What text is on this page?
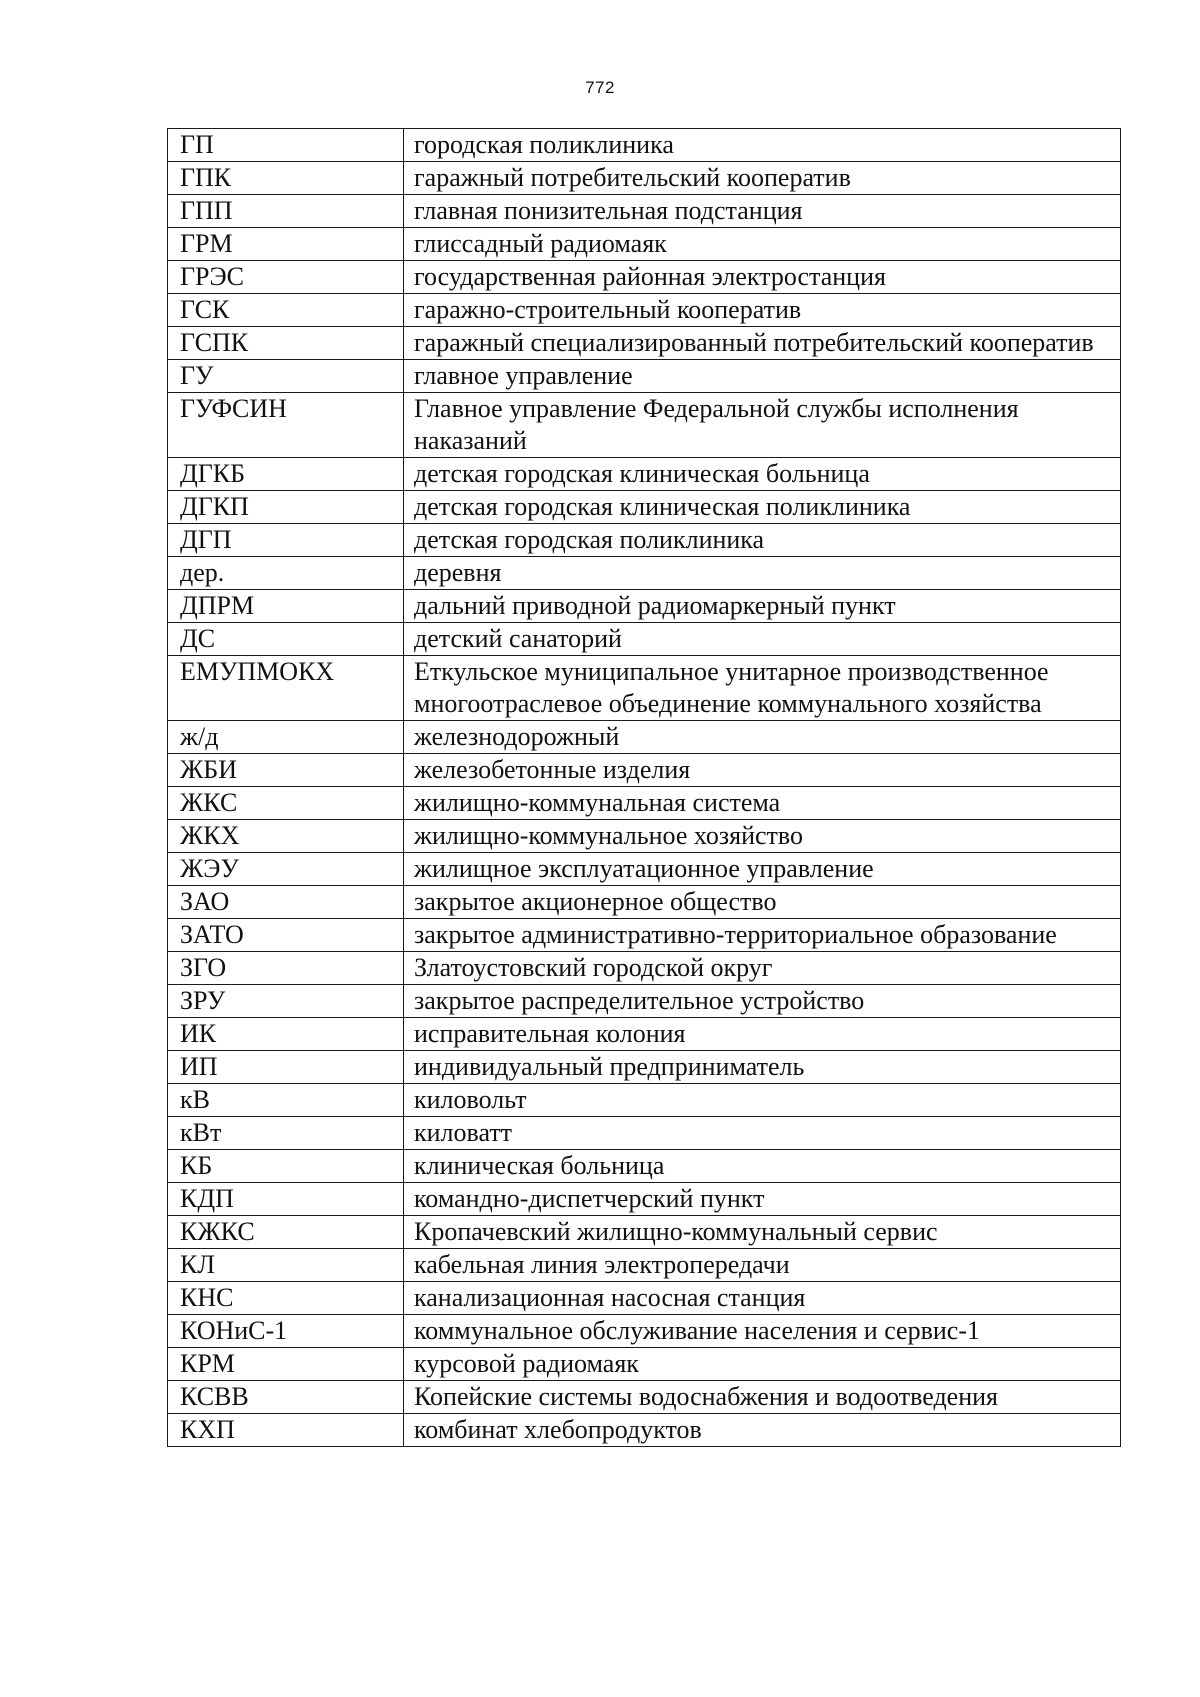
772
ГП	городская поликлиника
ГПК	гаражный потребительский кооператив
ГПП	главная понизительная подстанция
ГРМ	глиссадный радиомаяк
ГРЭС	государственная районная электростанция
ГСК	гаражно-строительный кооператив
ГСПК	гаражный специализированный потребительский кооператив
ГУ	главное управление
ГУФСИН	Главное управление Федеральной службы исполнения наказаний
ДГКБ	детская городская клиническая больница
ДГКП	детская городская клиническая поликлиника
ДГП	детская городская поликлиника
дер.	деревня
ДПРМ	дальний приводной радиомаркерный пункт
ДС	детский санаторий
ЕМУПМОКХ	Еткульское муниципальное унитарное производственное многоотраслевое объединение коммунального хозяйства
ж/д	железнодорожный
ЖБИ	железобетонные изделия
ЖКС	жилищно-коммунальная система
ЖКХ	жилищно-коммунальное хозяйство
ЖЭУ	жилищное эксплуатационное управление
ЗАО	закрытое акционерное общество
ЗАТО	закрытое административно-территориальное образование
ЗГО	Златоустовский городской округ
ЗРУ	закрытое распределительное устройство
ИК	исправительная колония
ИП	индивидуальный предприниматель
кВ	киловольт
кВт	киловатт
КБ	клиническая больница
КДП	командно-диспетчерский пункт
КЖКС	Кропачевский жилищно-коммунальный сервис
КЛ	кабельная линия электропередачи
КНС	канализационная насосная станция
КОНиС-1	коммунальное обслуживание населения и сервис-1
КРМ	курсовой радиомаяк
КСВВ	Копейские системы водоснабжения и водоотведения
КХП	комбинат хлебопродуктов
